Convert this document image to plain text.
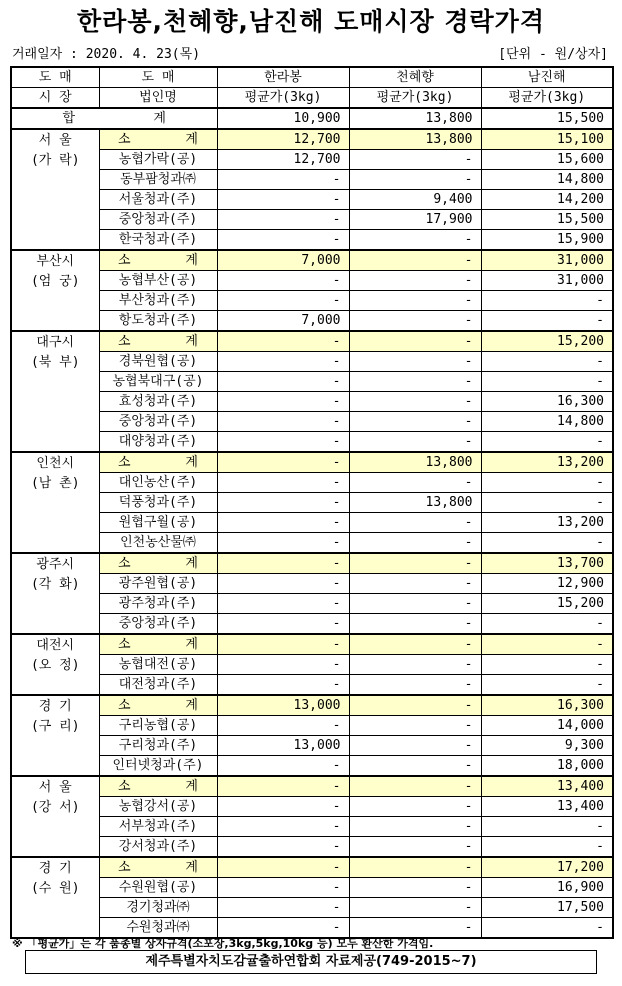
한라봉,천혜향,남진해 도매시장 경락가격
거래일자 : 2020. 4. 23(목)	[단위 - 원/상자]
도 매	도 매	한라봉	천혜향	남진해
시 장	법인명	평균가(3kg)	평균가(3kg)	평균가(3kg)
합          계		10,900	13,800	15,500

서 울
(가 락)	소       계	12,700	13,800	15,100
	농협가락(공)	12,700	-	15,600
	동부팜청과㈜	-	-	14,800
	서울청과(주)	-	9,400	14,200
	중앙청과(주)	-	17,900	15,500
	한국청과(주)	-	-	15,900

부산시
(엄 궁)	소       계	7,000	-	31,000
	농협부산(공)	-	-	31,000
	부산청과(주)	-	-	-
	항도청과(주)	7,000	-	-

대구시
(북 부)	소       계	-	-	15,200
	경북원협(공)	-	-	-
	농협북대구(공)	-	-	-
	효성청과(주)	-	-	16,300
	중앙청과(주)	-	-	14,800
	대양청과(주)	-	-	-

인천시
(남 촌)	소       계	-	13,800	13,200
	대인농산(주)	-	-	-
	덕풍청과(주)	-	13,800	-
	원협구월(공)	-	-	13,200
	인천농산물㈜	-	-	-

광주시
(각 화)	소       계	-	-	13,700
	광주원협(공)	-	-	12,900
	광주청과(주)	-	-	15,200
	중앙청과(주)	-	-	-

대전시
(오 정)	소       계	-	-	-
	농협대전(공)	-	-	-
	대전청과(주)	-	-	-

경 기
(구 리)	소       계	13,000	-	16,300
	구리농협(공)	-	-	14,000
	구리청과(주)	13,000	-	9,300
	인터넷청과(주)	-	-	18,000

서 울
(강 서)	소       계	-	-	13,400
	농협강서(공)	-	-	13,400
	서부청과(주)	-	-	-
	강서청과(주)	-	-	-

경 기
(수 원)	소       계	-	-	17,200
	수원원협(공)	-	-	16,900
	경기청과㈜	-	-	17,500
	수원청과㈜	-	-	-
※ 「평균가」는 각 품종별 상자규격(소포장,3kg,5kg,10kg 등) 모두 환산한 가격임.
제주특별자치도감귤출하연합회 자료제공(749-2015~7)
